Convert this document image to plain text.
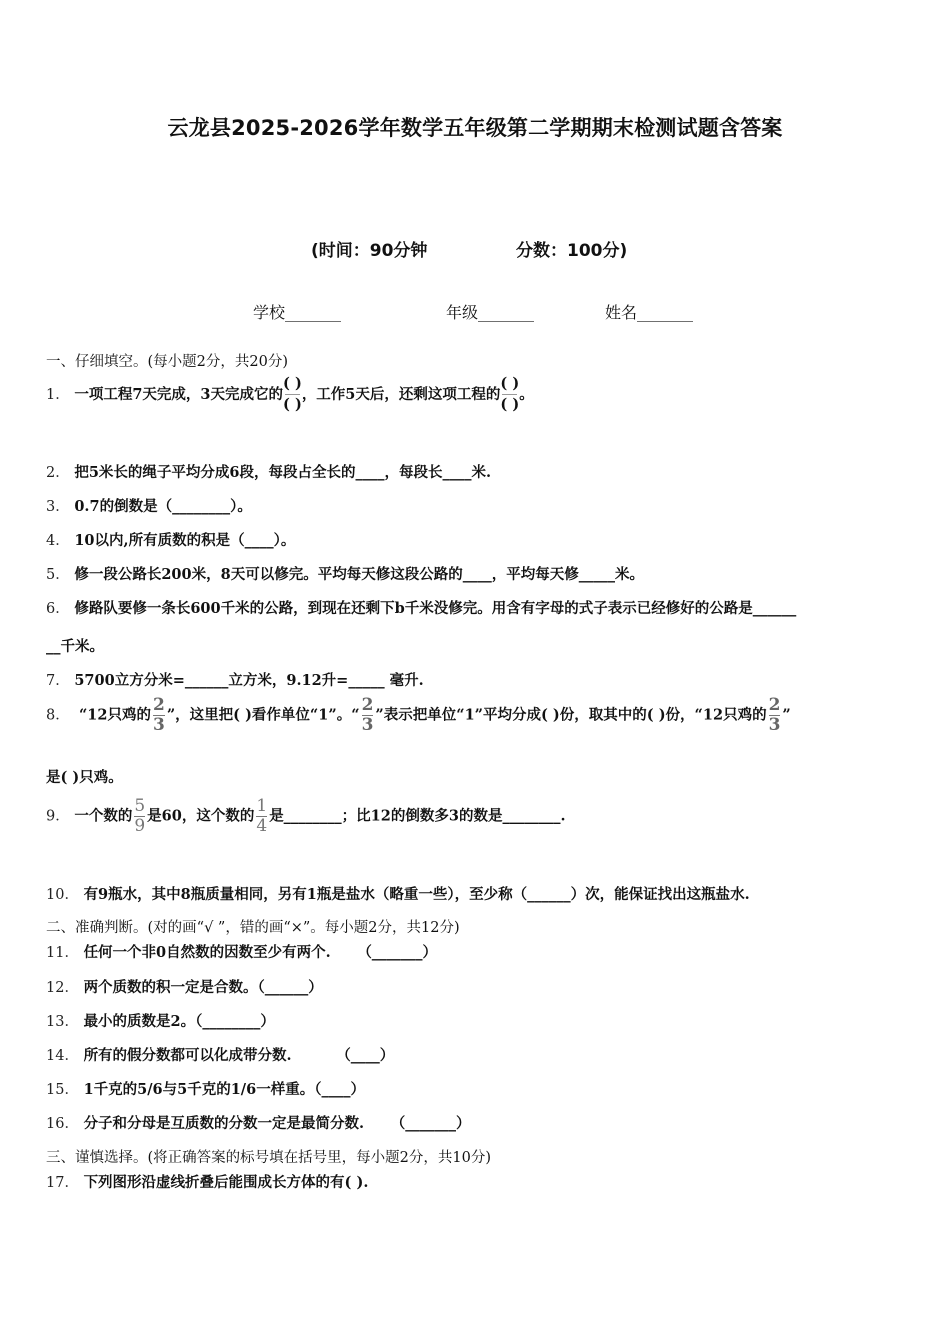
云龙县2025-2026学年数学五年级第二学期期末检测试题含答案
(时间：90分钟	分数：100分)
学校_______	年级_______	姓名_______
一、仔细填空。(每小题2分，共20分)
1． 一项工程7天完成，3天完成它的$\frac{( )}{( )}$，工作5天后，还剩这项工程的$\frac{( )}{( )}$。
2． 把5米长的绳子平均分成6段，每段占全长的____，每段长____米.
3． 0.7的倒数是（________）。
4． 10以内,所有质数的积是（____）。
5． 修一段公路长200米，8天可以修完。平均每天修这段公路的____，平均每天修_____米。
6． 修路队要修一条长600千米的公路，到现在还剩下b千米没修完。用含有字母的式子表示已经修好的公路是______
__千米。
7． 5700立方分米=______立方米，9.12升=_____ 毫升.
8． “12只鸡的 $\frac{2}{3}$ ”，这里把( )看作单位“1”。“ $\frac{2}{3}$ ”表示把单位“1”平均分成( )份，取其中的( )份，“12只鸡的 $\frac{2}{3}$ ”
是( )只鸡。
9． 一个数的 $\frac{5}{9}$ 是60，这个数的 $\frac{1}{4}$ 是________；比12的倒数多3的数是________.
10． 有9瓶水，其中8瓶质量相同，另有1瓶是盐水（略重一些），至少称（______）次，能保证找出这瓶盐水.
二、准确判断。(对的画“√ ”，错的画“×”。每小题2分，共12分)
11． 任何一个非0自然数的因数至少有两个. （_______）
12． 两个质数的积一定是合数。（______）
13． 最小的质数是2。（________）
14． 所有的假分数都可以化成带分数.	（____）
15． 1千克的5/6与5千克的1/6一样重。（____）
16． 分子和分母是互质数的分数一定是最简分数. （_______）
三、谨慎选择。(将正确答案的标号填在括号里，每小题2分，共10分)
17． 下列图形沿虚线折叠后能围成长方体的有( ).
